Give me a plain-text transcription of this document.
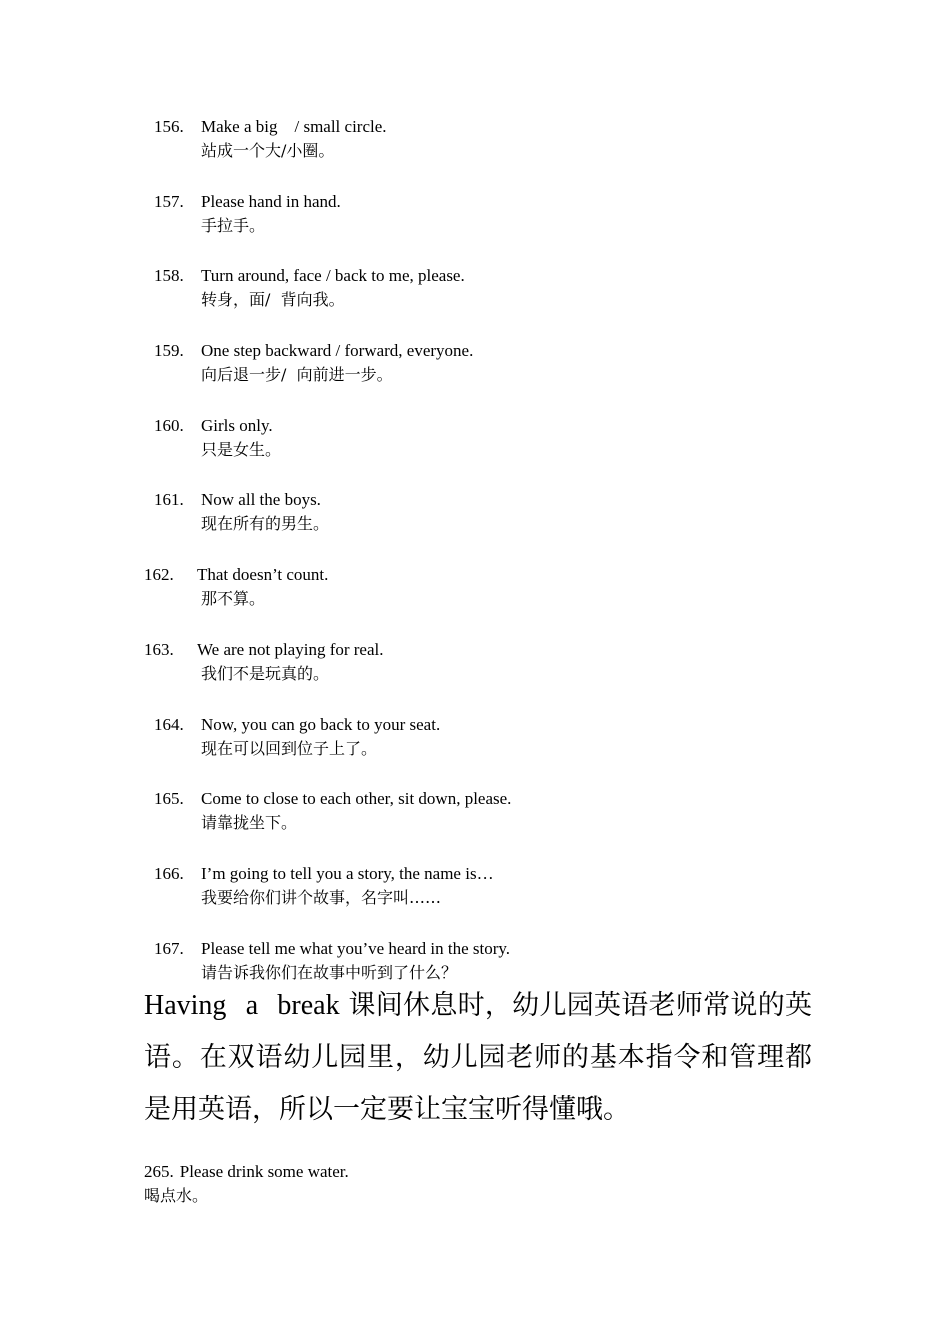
156. Make a big    / small circle.
站成一个大/小圈。
157. Please hand in hand.
手拉手。
158. Turn around, face / back to me, please.
转身，面/  背向我。
159. One step backward / forward, everyone.
向后退一步/  向前进一步。
160. Girls only.
只是女生。
161. Now all the boys.
现在所有的男生。
162. That doesn’t count.
那不算。
163. We are not playing for real.
我们不是玩真的。
164. Now, you can go back to your seat.
现在可以回到位子上了。
165. Come to close to each other, sit down, please.
请靠拢坐下。
166. I’m going to tell you a story, the name is…
我要给你们讲个故事，名字叫……
167. Please tell me what you’ve heard in the story.
请告诉我你们在故事中听到了什么？
Having a break 课间休息时，幼儿园英语老师常说的英语。在双语幼儿园里，幼儿园老师的基本指令和管理都是用英语，所以一定要让宝宝听得懂哦。
265. Please drink some water.
喝点水。
